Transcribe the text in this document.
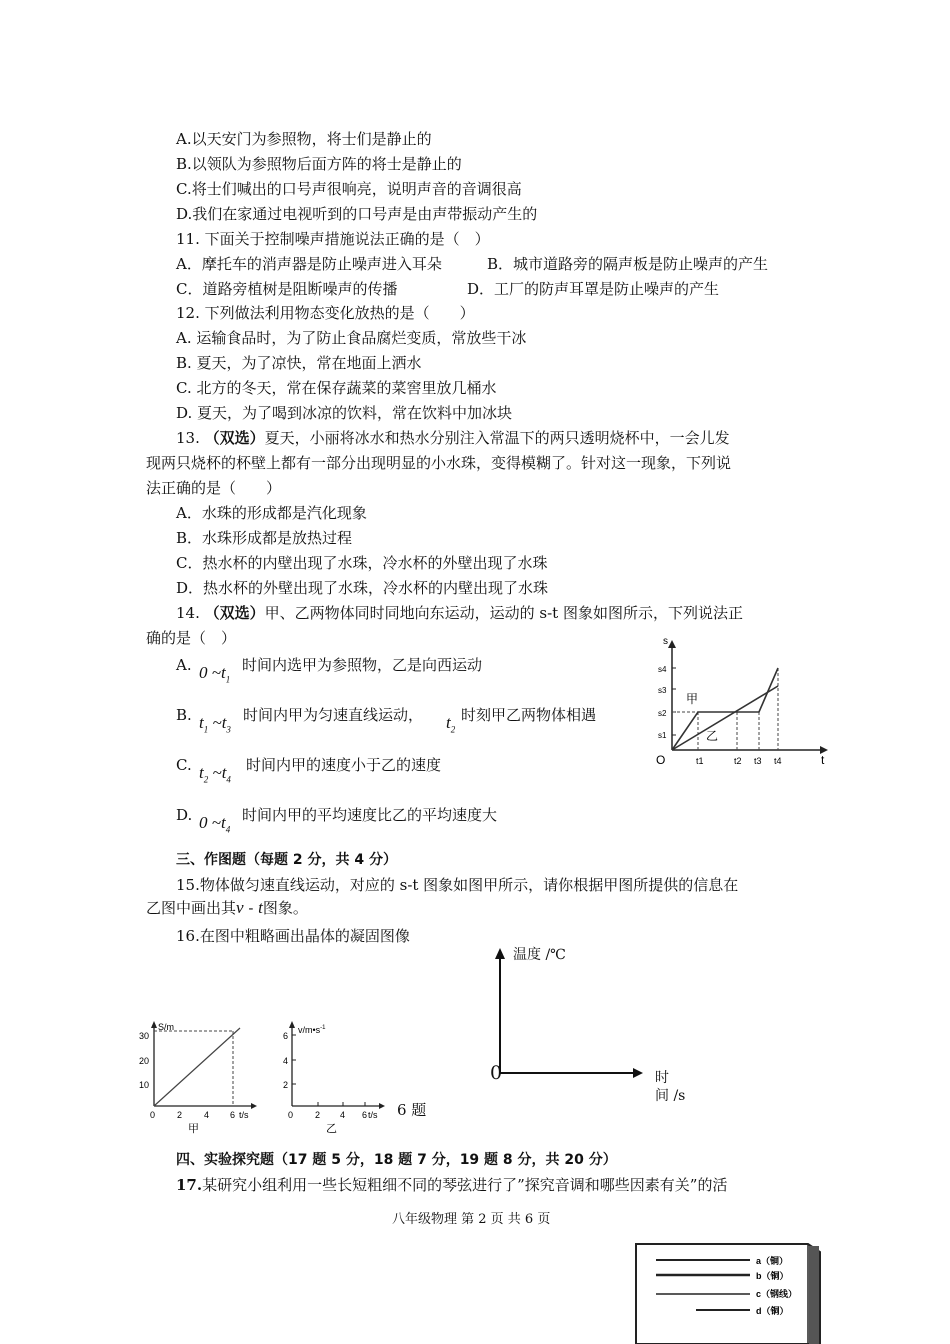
A.以天安门为参照物，将士们是静止的
B.以领队为参照物后面方阵的将士是静止的
C.将士们喊出的口号声很响亮，说明声音的音调很高
D.我们在家通过电视听到的口号声是由声带振动产生的
11. 下面关于控制噪声措施说法正确的是（　）
A．摩托车的消声器是防止噪声进入耳朵	B．城市道路旁的隔声板是防止噪声的产生
C．道路旁植树是阻断噪声的传播	D．工厂的防声耳罩是防止噪声的产生
12. 下列做法利用物态变化放热的是（　　）
A. 运输食品时，为了防止食品腐烂变质，常放些干冰
B. 夏天，为了凉快，常在地面上洒水
C. 北方的冬天，常在保存蔬菜的菜窖里放几桶水
D. 夏天，为了喝到冰凉的饮料，常在饮料中加冰块
13. （双选）夏天，小丽将冰水和热水分别注入常温下的两只透明烧杯中，一会儿发
现两只烧杯的杯壁上都有一部分出现明显的小水珠，变得模糊了。针对这一现象，下列说
法正确的是（　　）
A．水珠的形成都是汽化现象
B．水珠形成都是放热过程
C．热水杯的内壁出现了水珠，冷水杯的外壁出现了水珠
D．热水杯的外壁出现了水珠，冷水杯的内壁出现了水珠
14. （双选）甲、乙两物体同时同地向东运动，运动的 s-t 图象如图所示，下列说法正
确的是（　）
A. 0 $\sim t_1$
时间内选甲为参照物，乙是向西运动
B. $t_1$ $\sim t_3$
时间内甲为匀速直线运动， $t_2$
时刻甲乙两物体相遇
C. $t_2$ $\sim t_4$
时间内甲的速度小于乙的速度
D. 0 $\sim t_4$
时间内甲的平均速度比乙的平均速度大
s
t
O
s1
s2
s3
s4
甲
乙
t1	t2 t3 t4
三、作图题（每题 2 分，共 4 分）
15.物体做匀速直线运动，对应的 s-t 图象如图甲所示，请你根据甲图所提供的信息在
乙图中画出其v - t图象。
16.在图中粗略画出晶体的凝固图像
S/m
t/s
30
20
10
0 2 4 6
甲
$v/m•s^{-1}$
t/s
6
4
2
0 2 4 6
乙
6 题
温度 /℃
0	时
间 /s
四、实验探究题（17 题 5 分，18 题 7 分，19 题 8 分，共 20 分）
17.某研究小组利用一些长短粗细不同的琴弦进行了”探究音调和哪些因素有关”的活
八年级物理 第 2 页 共 6 页
a（铜）
b（铜）
c（钢线）
d（铜）
